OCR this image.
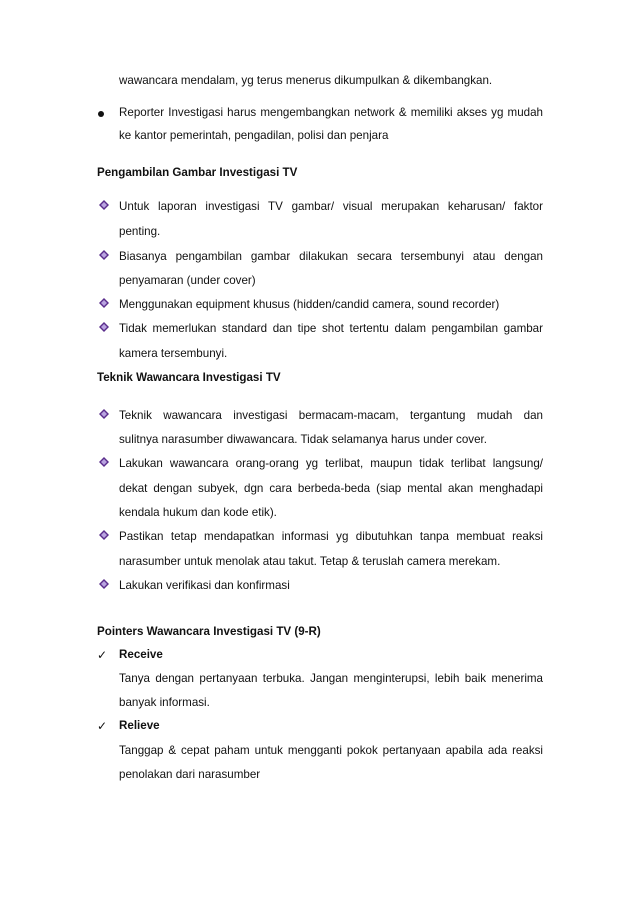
wawancara mendalam, yg terus menerus dikumpulkan & dikembangkan.
Reporter Investigasi harus mengembangkan network & memiliki akses yg mudah
ke kantor pemerintah, pengadilan, polisi dan penjara
Pengambilan Gambar Investigasi TV
Untuk laporan investigasi TV gambar/ visual merupakan keharusan/ faktor
penting.
Biasanya pengambilan gambar dilakukan secara tersembunyi atau dengan
penyamaran (under cover)
Menggunakan equipment khusus (hidden/candid camera, sound recorder)
Tidak memerlukan standard dan tipe shot tertentu dalam pengambilan gambar
kamera tersembunyi.
Teknik Wawancara Investigasi TV
Teknik wawancara investigasi bermacam-macam, tergantung mudah dan
sulitnya narasumber diwawancara. Tidak selamanya harus under cover.
Lakukan wawancara orang-orang yg terlibat, maupun tidak terlibat langsung/
dekat dengan subyek, dgn cara berbeda-beda (siap mental akan menghadapi
kendala hukum dan kode etik).
Pastikan tetap mendapatkan informasi yg dibutuhkan tanpa membuat reaksi
narasumber untuk menolak atau takut. Tetap & teruslah camera merekam.
Lakukan verifikasi dan konfirmasi
Pointers Wawancara Investigasi TV (9-R)
✓ Receive
Tanya dengan pertanyaan terbuka. Jangan menginterupsi, lebih baik menerima
banyak informasi.
✓ Relieve
Tanggap & cepat paham untuk mengganti pokok pertanyaan apabila ada reaksi
penolakan dari narasumber
